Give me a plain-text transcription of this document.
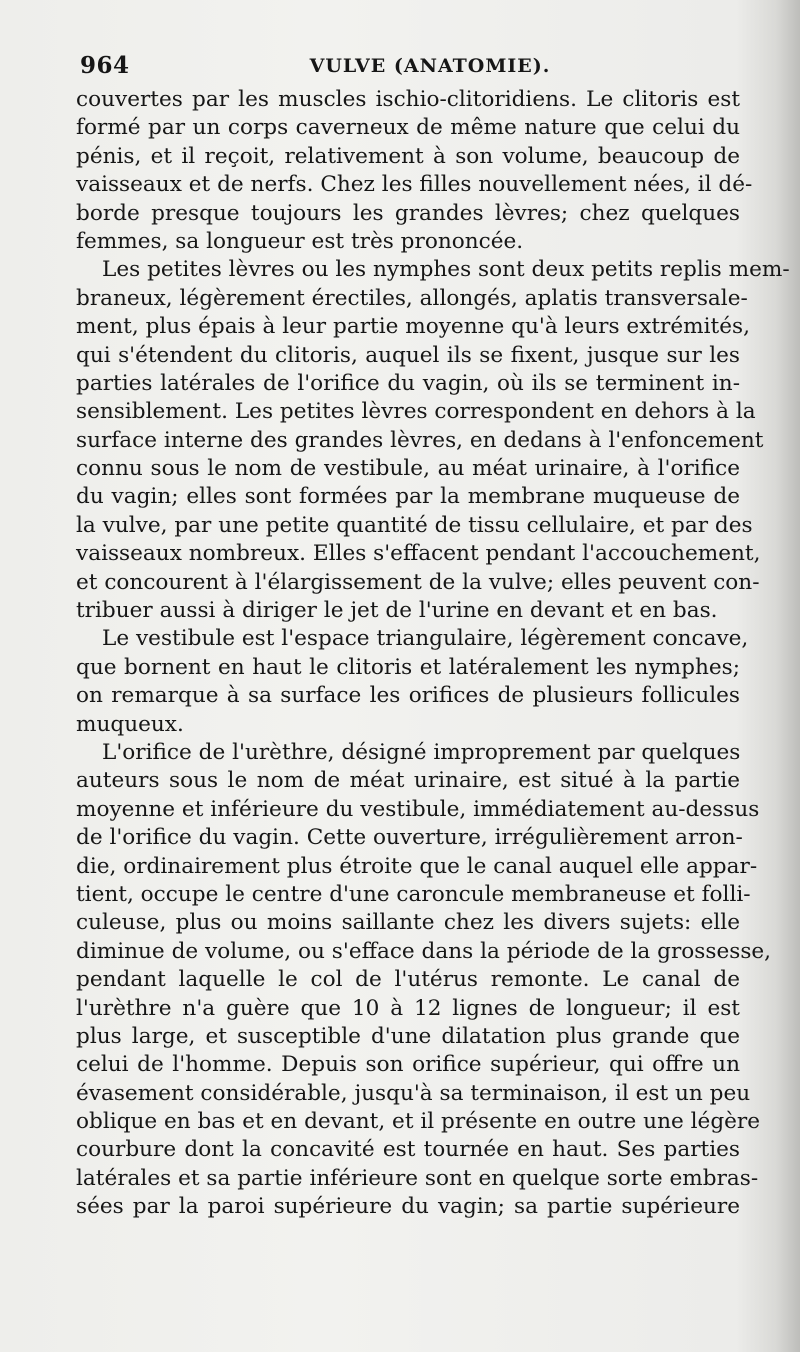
964	VULVE (ANATOMIE).

couvertes par les muscles ischio-clitoridiens. Le clitoris est
formé par un corps caverneux de même nature que celui du
pénis, et il reçoit, relativement à son volume, beaucoup de
vaisseaux et de nerfs. Chez les filles nouvellement nées, il dé-
borde presque toujours les grandes lèvres; chez quelques
femmes, sa longueur est très prononcée.

Les petites lèvres ou les nymphes sont deux petits replis mem-
braneux, légèrement érectiles, allongés, aplatis transversale-
ment, plus épais à leur partie moyenne qu'à leurs extrémités,
qui s'étendent du clitoris, auquel ils se fixent, jusque sur les
parties latérales de l'orifice du vagin, où ils se terminent in-
sensiblement. Les petites lèvres correspondent en dehors à la
surface interne des grandes lèvres, en dedans à l'enfoncement
connu sous le nom de vestibule, au méat urinaire, à l'orifice
du vagin; elles sont formées par la membrane muqueuse de
la vulve, par une petite quantité de tissu cellulaire, et par des
vaisseaux nombreux. Elles s'effacent pendant l'accouchement,
et concourent à l'élargissement de la vulve; elles peuvent con-
tribuer aussi à diriger le jet de l'urine en devant et en bas.

Le vestibule est l'espace triangulaire, légèrement concave,
que bornent en haut le clitoris et latéralement les nymphes;
on remarque à sa surface les orifices de plusieurs follicules
muqueux.

L'orifice de l'urèthre, désigné improprement par quelques
auteurs sous le nom de méat urinaire, est situé à la partie
moyenne et inférieure du vestibule, immédiatement au-dessus
de l'orifice du vagin. Cette ouverture, irrégulièrement arron-
die, ordinairement plus étroite que le canal auquel elle appar-
tient, occupe le centre d'une caroncule membraneuse et folli-
culeuse, plus ou moins saillante chez les divers sujets: elle
diminue de volume, ou s'efface dans la période de la grossesse,
pendant laquelle le col de l'utérus remonte. Le canal de
l'urèthre n'a guère que 10 à 12 lignes de longueur; il est
plus large, et susceptible d'une dilatation plus grande que
celui de l'homme. Depuis son orifice supérieur, qui offre un
évasement considérable, jusqu'à sa terminaison, il est un peu
oblique en bas et en devant, et il présente en outre une légère
courbure dont la concavité est tournée en haut. Ses parties
latérales et sa partie inférieure sont en quelque sorte embras-
sées par la paroi supérieure du vagin; sa partie supérieure
